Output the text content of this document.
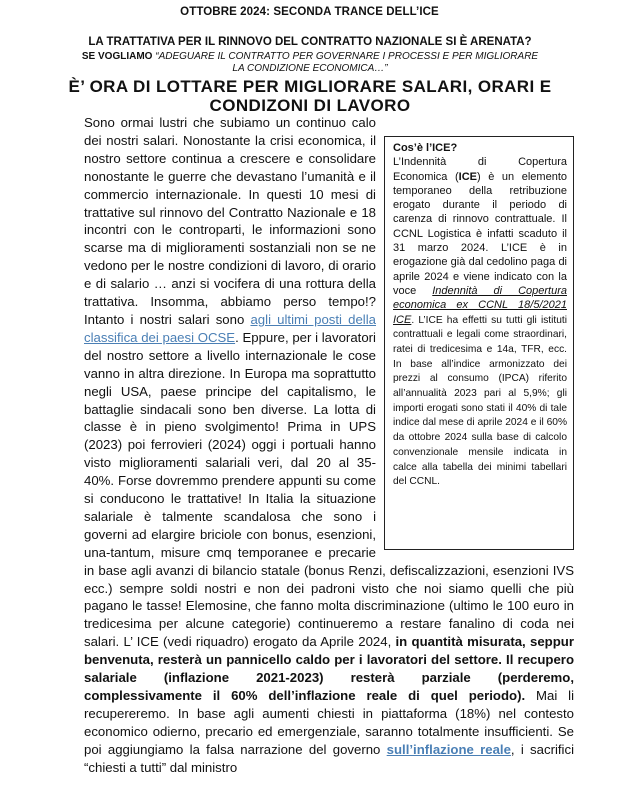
OTTOBRE 2024: SECONDA TRANCE DELL’ICE
LA TRATTATIVA PER IL RINNOVO DEL CONTRATTO NAZIONALE SI È ARENATA?
SE VOGLIAMO “ADEGUARE IL CONTRATTO PER GOVERNARE I PROCESSI E PER MIGLIORARE LA CONDIZIONE ECONOMICA…”
È’ ORA DI LOTTARE PER MIGLIORARE SALARI, ORARI E CONDIZONI DI LAVORO
Cos’è l’ICE?
L’Indennità di Copertura Economica (ICE) è un elemento temporaneo della retribuzione erogato durante il periodo di carenza di rinnovo contrattuale. Il CCNL Logistica è infatti scaduto il 31 marzo 2024. L’ICE è in erogazione già dal cedolino paga di aprile 2024 e viene indicato con la voce Indennità di Copertura economica ex CCNL 18/5/2021 ICE. L’ICE ha effetti su tutti gli istituti contrattuali e legali come straordinari, ratei di tredicesima e 14a, TFR, ecc. In base all’indice armonizzato dei prezzi al consumo (IPCA) riferito all’annualità 2023 pari al 5,9%; gli importi erogati sono stati il 40% di tale indice dal mese di aprile 2024 e il 60% da ottobre 2024 sulla base di calcolo convenzionale mensile indicata in calce alla tabella dei minimi tabellari del CCNL.

Sono ormai lustri che subiamo un continuo calo dei nostri salari. Nonostante la crisi economica, il nostro settore continua a crescere e consolidare nonostante le guerre che devastano l’umanità e il commercio internazionale. In questi 10 mesi di trattative sul rinnovo del Contratto Nazionale e 18 incontri con le controparti, le informazioni sono scarse ma di miglioramenti sostanziali non se ne vedono per le nostre condizioni di lavoro, di orario e di salario … anzi si vocifera di una rottura della trattativa. Insomma, abbiamo perso tempo!? Intanto i nostri salari sono agli ultimi posti della classifica dei paesi OCSE. Eppure, per i lavoratori del nostro settore a livello internazionale le cose vanno in altra direzione. In Europa ma soprattutto negli USA, paese principe del capitalismo, le battaglie sindacali sono ben diverse. La lotta di classe è in pieno svolgimento! Prima in UPS (2023) poi ferrovieri (2024) oggi i portuali hanno visto miglioramenti salariali veri, dal 20 al 35-40%. Forse dovremmo prendere appunti su come si conducono le trattative! In Italia la situazione salariale è talmente scandalosa che sono i governi ad elargire briciole con bonus, esenzioni, una-tantum, misure cmq temporanee e precarie in base agli avanzi di bilancio statale (bonus Renzi, defiscalizzazioni, esenzioni IVS ecc.) sempre soldi nostri e non dei padroni visto che noi siamo quelli che più pagano le tasse! Elemosine, che fanno molta discriminazione (ultimo le 100 euro in tredicesima per alcune categorie) continueremo a restare fanalino di coda nei salari. L’ ICE (vedi riquadro) erogato da Aprile 2024, in quantità misurata, seppur benvenuta, resterà un pannicello caldo per i lavoratori del settore. Il recupero salariale (inflazione 2021-2023) resterà parziale (perderemo, complessivamente il 60% dell’inflazione reale di quel periodo). Mai li recupereremo. In base agli aumenti chiesti in piattaforma (18%) nel contesto economico odierno, precario ed emergenziale, saranno totalmente insufficienti. Se poi aggiungiamo la falsa narrazione del governo sull’inflazione reale, i sacrifici “chiesti a tutti” dal ministro
